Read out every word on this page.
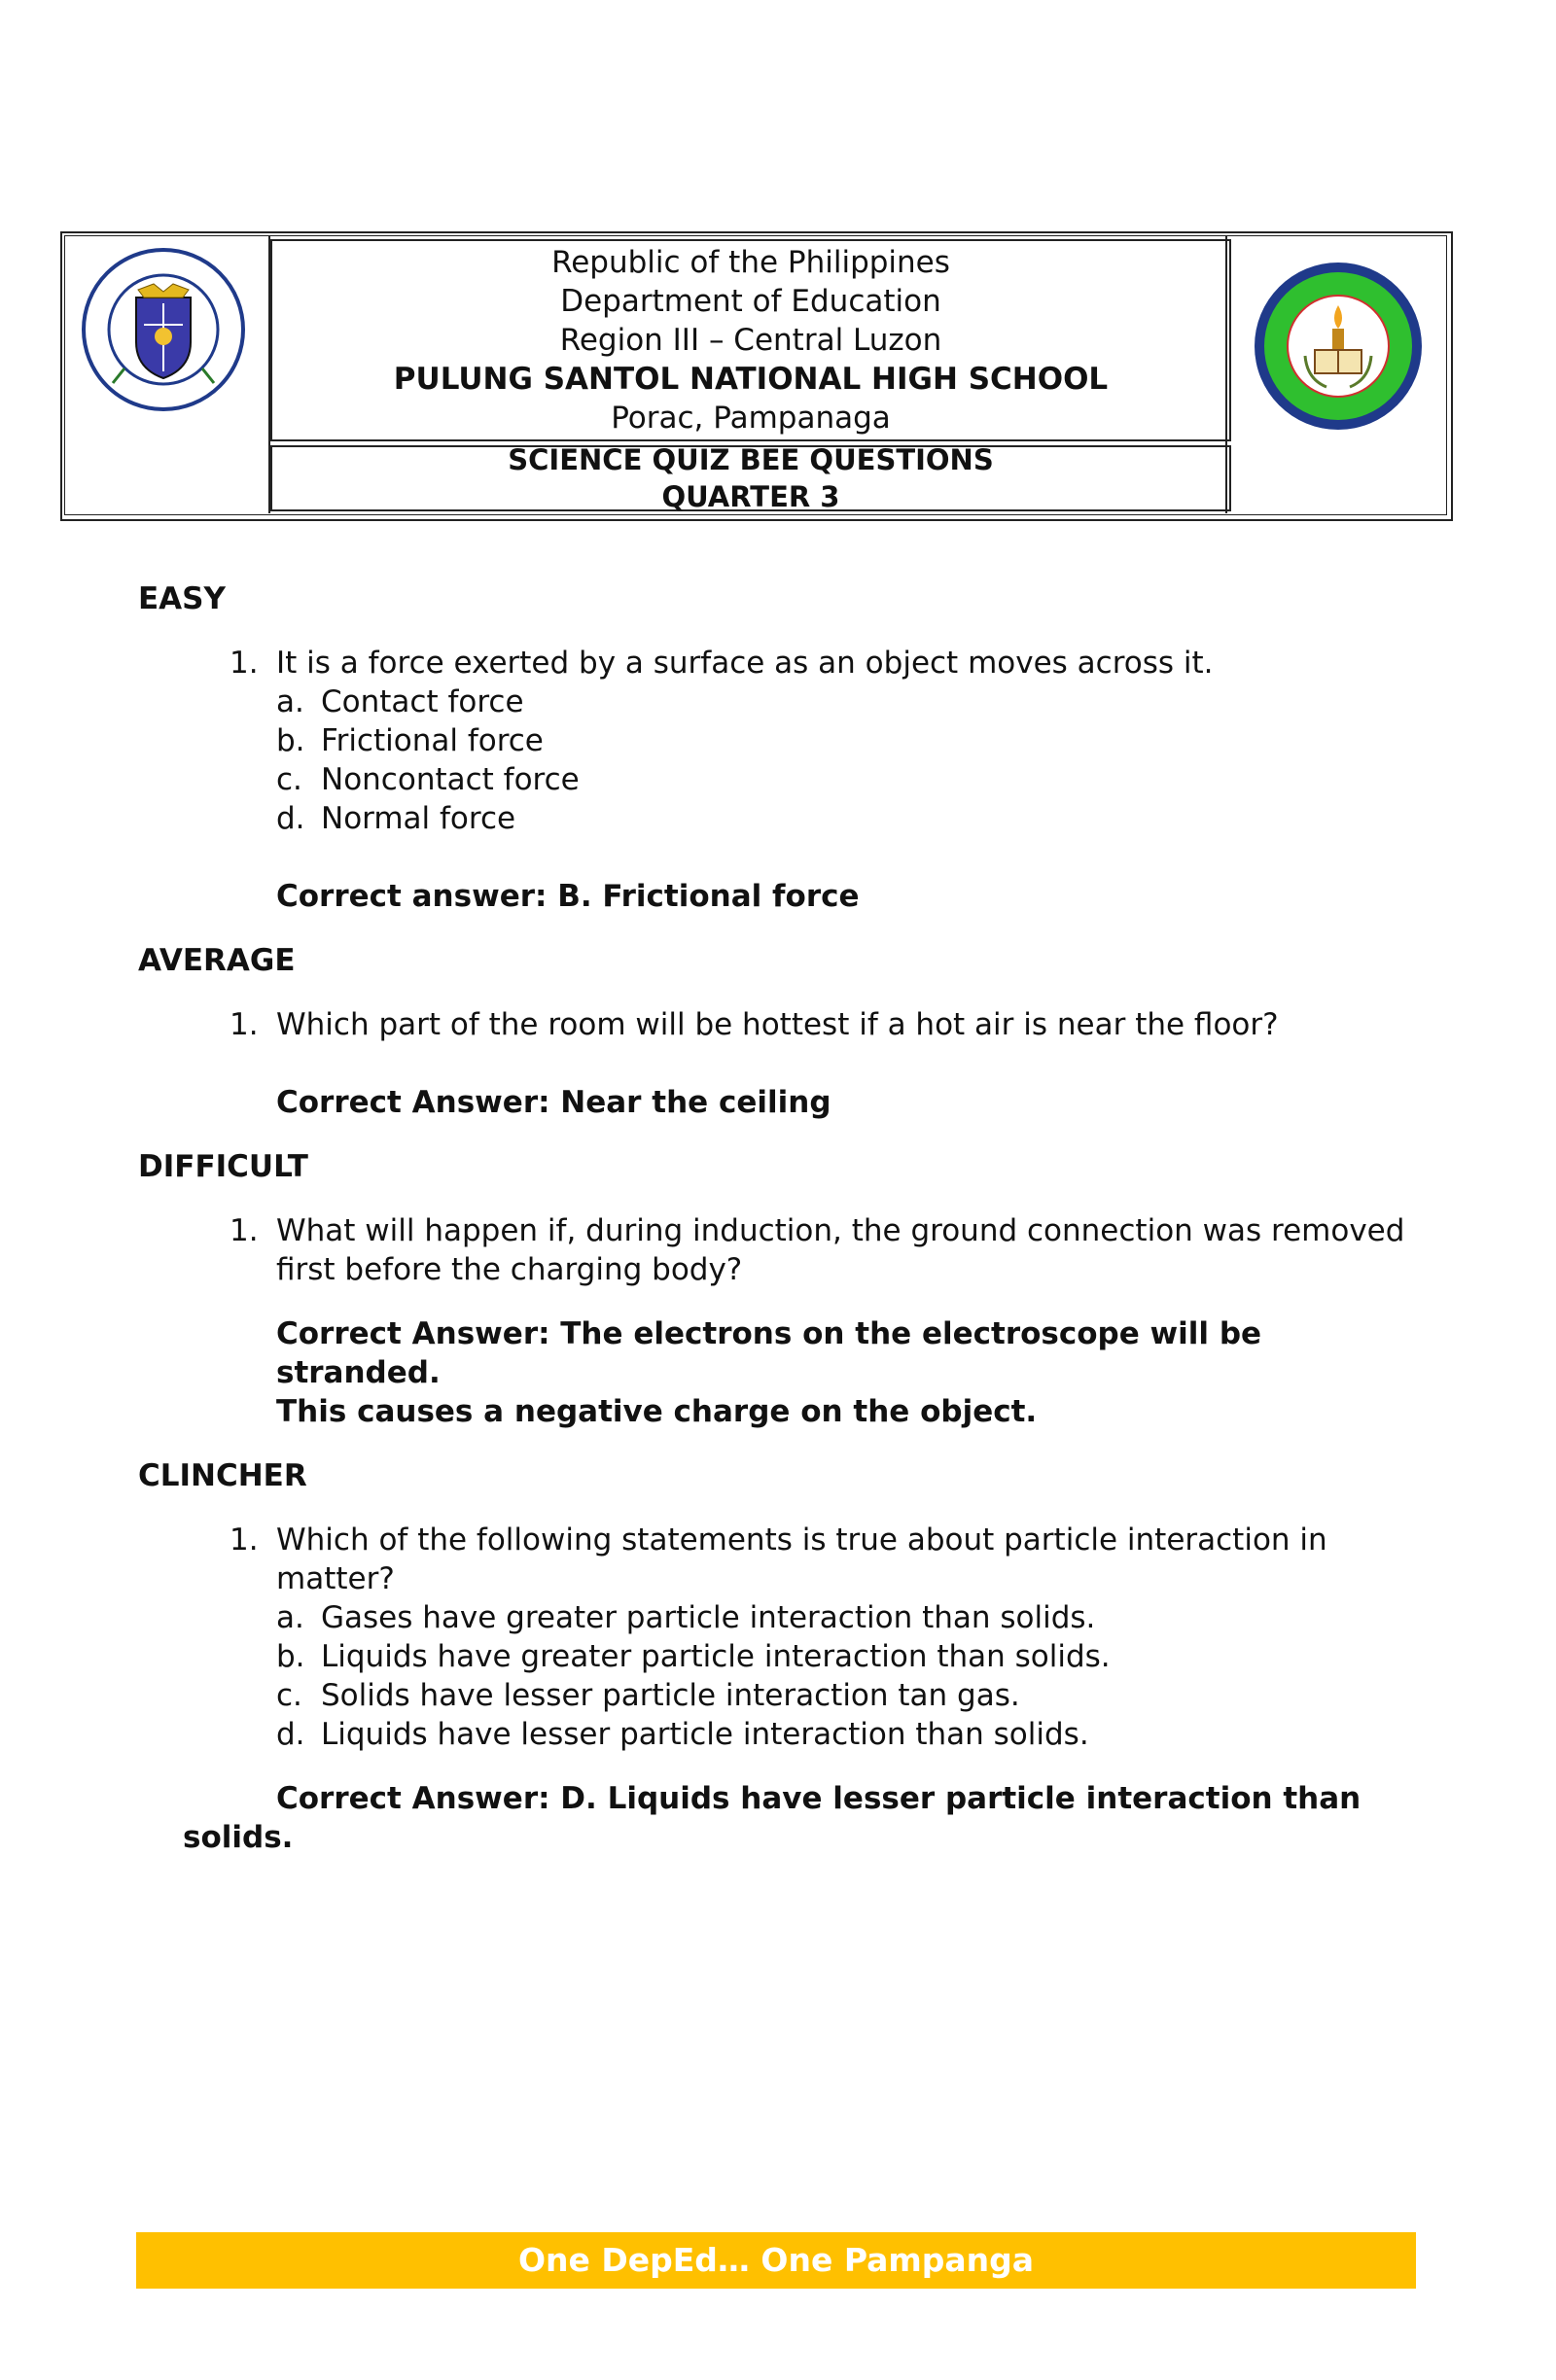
Republic of the Philippines
Department of Education
Region III – Central Luzon
PULUNG SANTOL NATIONAL HIGH SCHOOL
Porac, Pampanaga
SCIENCE QUIZ BEE QUESTIONS
QUARTER 3
EASY
1. It is a force exerted by a surface as an object moves across it.
a. Contact force
b. Frictional force
c. Noncontact force
d. Normal force
Correct answer: B. Frictional force
AVERAGE
1. Which part of the room will be hottest if a hot air is near the floor?
Correct Answer: Near the ceiling
DIFFICULT
1. What will happen if, during induction, the ground connection was removed
first before the charging body?
Correct Answer: The electrons on the electroscope will be stranded.
This causes a negative charge on the object.
CLINCHER
1. Which of the following statements is true about particle interaction in matter?
a. Gases have greater particle interaction than solids.
b. Liquids have greater particle interaction than solids.
c. Solids have lesser particle interaction tan gas.
d. Liquids have lesser particle interaction than solids.
Correct Answer: D. Liquids have lesser particle interaction than
solids.
One DepEd… One Pampanga
